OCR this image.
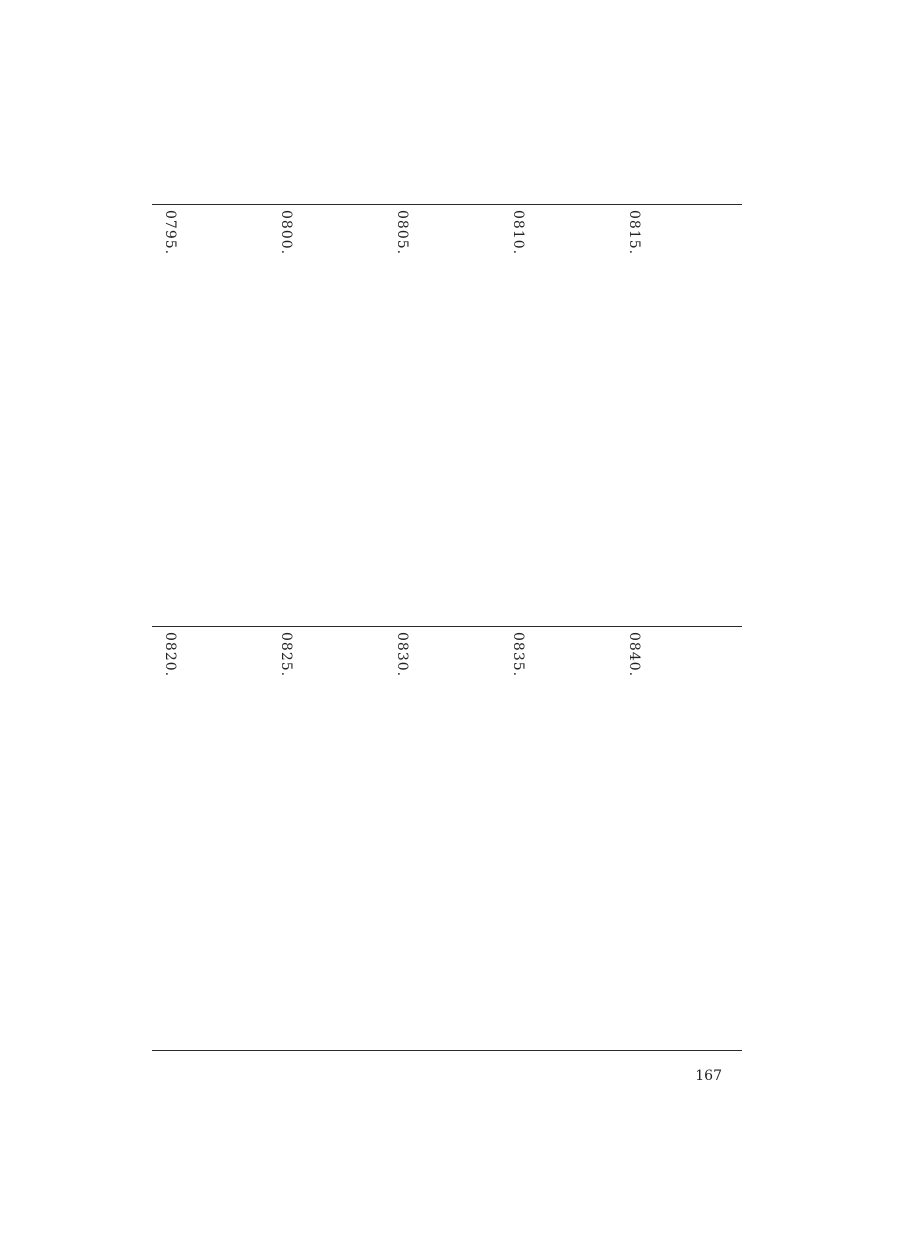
0795.	0800.	0805.	0810.	0815.
0820.	0825.	0830.	0835.	0840.
167
